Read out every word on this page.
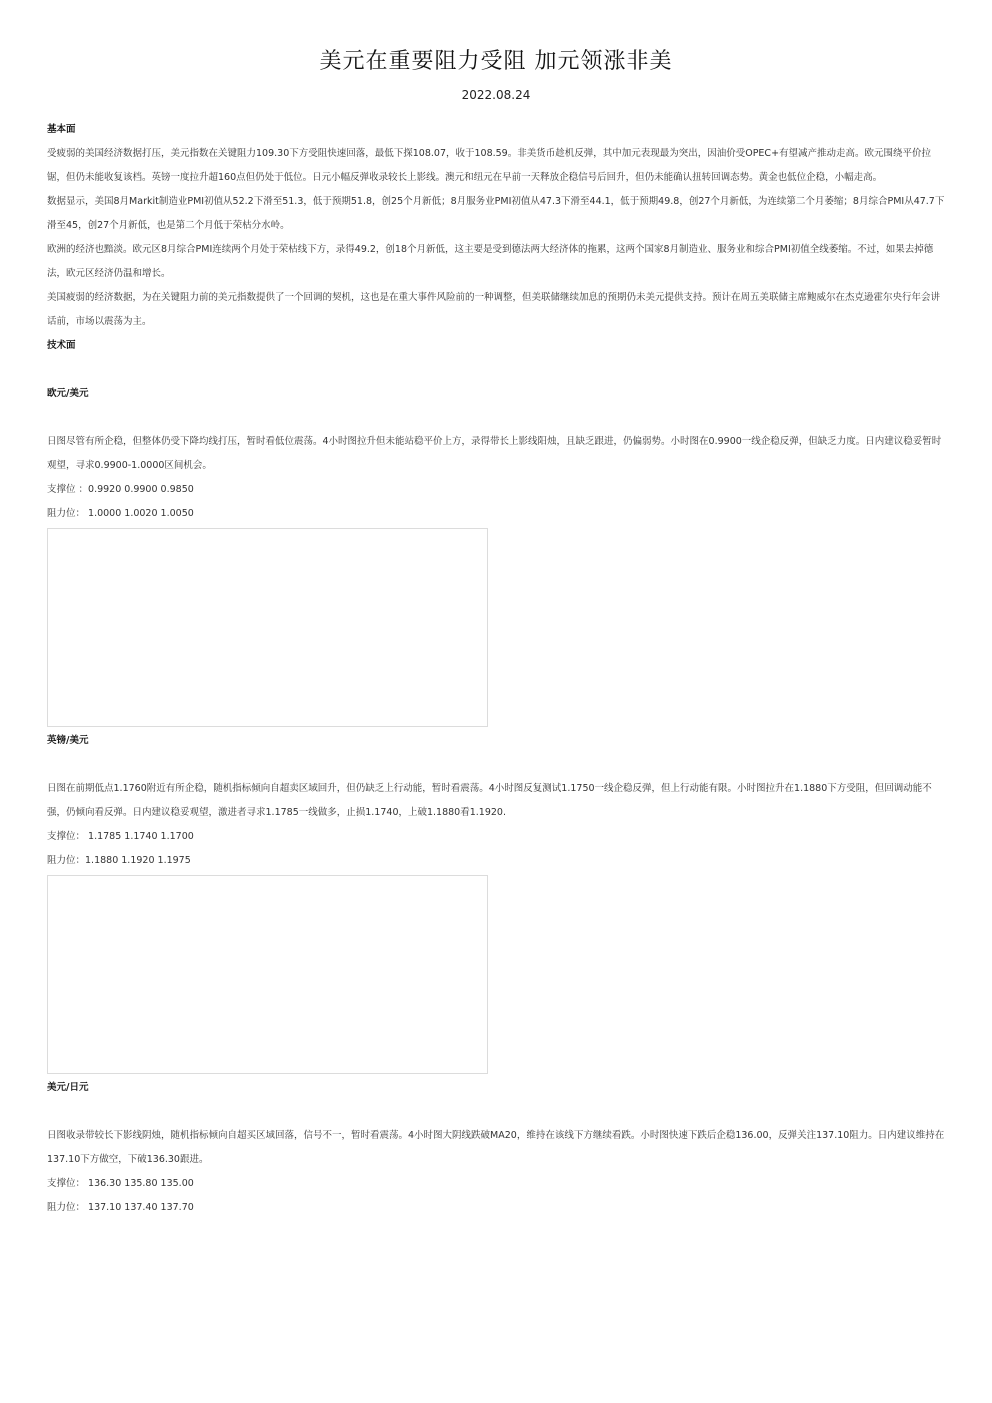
美元在重要阻力受阻 加元领涨非美
2022.08.24

基本面

受疲弱的美国经济数据打压，美元指数在关键阻力109.30下方受阻快速回落，最低下探108.07，收于108.59。非美货币趁机反弹，其中加元表现最为突出，因油价受OPEC+有望减产推动走高。欧元围绕平价拉锯，但仍未能收复该档。英镑一度拉升超160点但仍处于低位。日元小幅反弹收录较长上影线。澳元和纽元在早前一天释放企稳信号后回升，但仍未能确认扭转回调态势。黄金也低位企稳，小幅走高。

数据显示，美国8月Markit制造业PMI初值从52.2下滑至51.3，低于预期51.8，创25个月新低；8月服务业PMI初值从47.3下滑至44.1，低于预期49.8，创27个月新低，为连续第二个月萎缩；8月综合PMI从47.7下滑至45，创27个月新低，也是第二个月低于荣枯分水岭。

欧洲的经济也黯淡。欧元区8月综合PMI连续两个月处于荣枯线下方，录得49.2，创18个月新低，这主要是受到德法两大经济体的拖累，这两个国家8月制造业、服务业和综合PMI初值全线萎缩。不过，如果去掉德法，欧元区经济仍温和增长。

美国疲弱的经济数据，为在关键阻力前的美元指数提供了一个回调的契机，这也是在重大事件风险前的一种调整，但美联储继续加息的预期仍未美元提供支持。预计在周五美联储主席鲍威尔在杰克逊霍尔央行年会讲话前，市场以震荡为主。

技术面

欧元/美元

日图尽管有所企稳，但整体仍受下降均线打压，暂时看低位震荡。4小时图拉升但未能站稳平价上方，录得带长上影线阳烛，且缺乏跟进，仍偏弱势。小时图在0.9900一线企稳反弹，但缺乏力度。日内建议稳妥暂时观望，寻求0.9900-1.0000区间机会。

支撑位 ：0.9920 0.9900 0.9850

阻力位： 1.0000 1.0020 1.0050

英镑/美元

日图在前期低点1.1760附近有所企稳，随机指标倾向自超卖区域回升，但仍缺乏上行动能，暂时看震荡。4小时图反复测试1.1750一线企稳反弹，但上行动能有限。小时图拉升在1.1880下方受阻，但回调动能不强，仍倾向看反弹。日内建议稳妥观望，激进者寻求1.1785一线做多，止损1.1740，上破1.1880看1.1920.

支撑位： 1.1785 1.1740 1.1700

阻力位：1.1880 1.1920 1.1975

美元/日元

日图收录带较长下影线阴烛，随机指标倾向自超买区域回落，信号不一，暂时看震荡。4小时图大阴线跌破MA20，维持在该线下方继续看跌。小时图快速下跌后企稳136.00，反弹关注137.10阻力。日内建议维持在137.10下方做空，下破136.30跟进。

支撑位： 136.30 135.80 135.00

阻力位： 137.10 137.40 137.70
